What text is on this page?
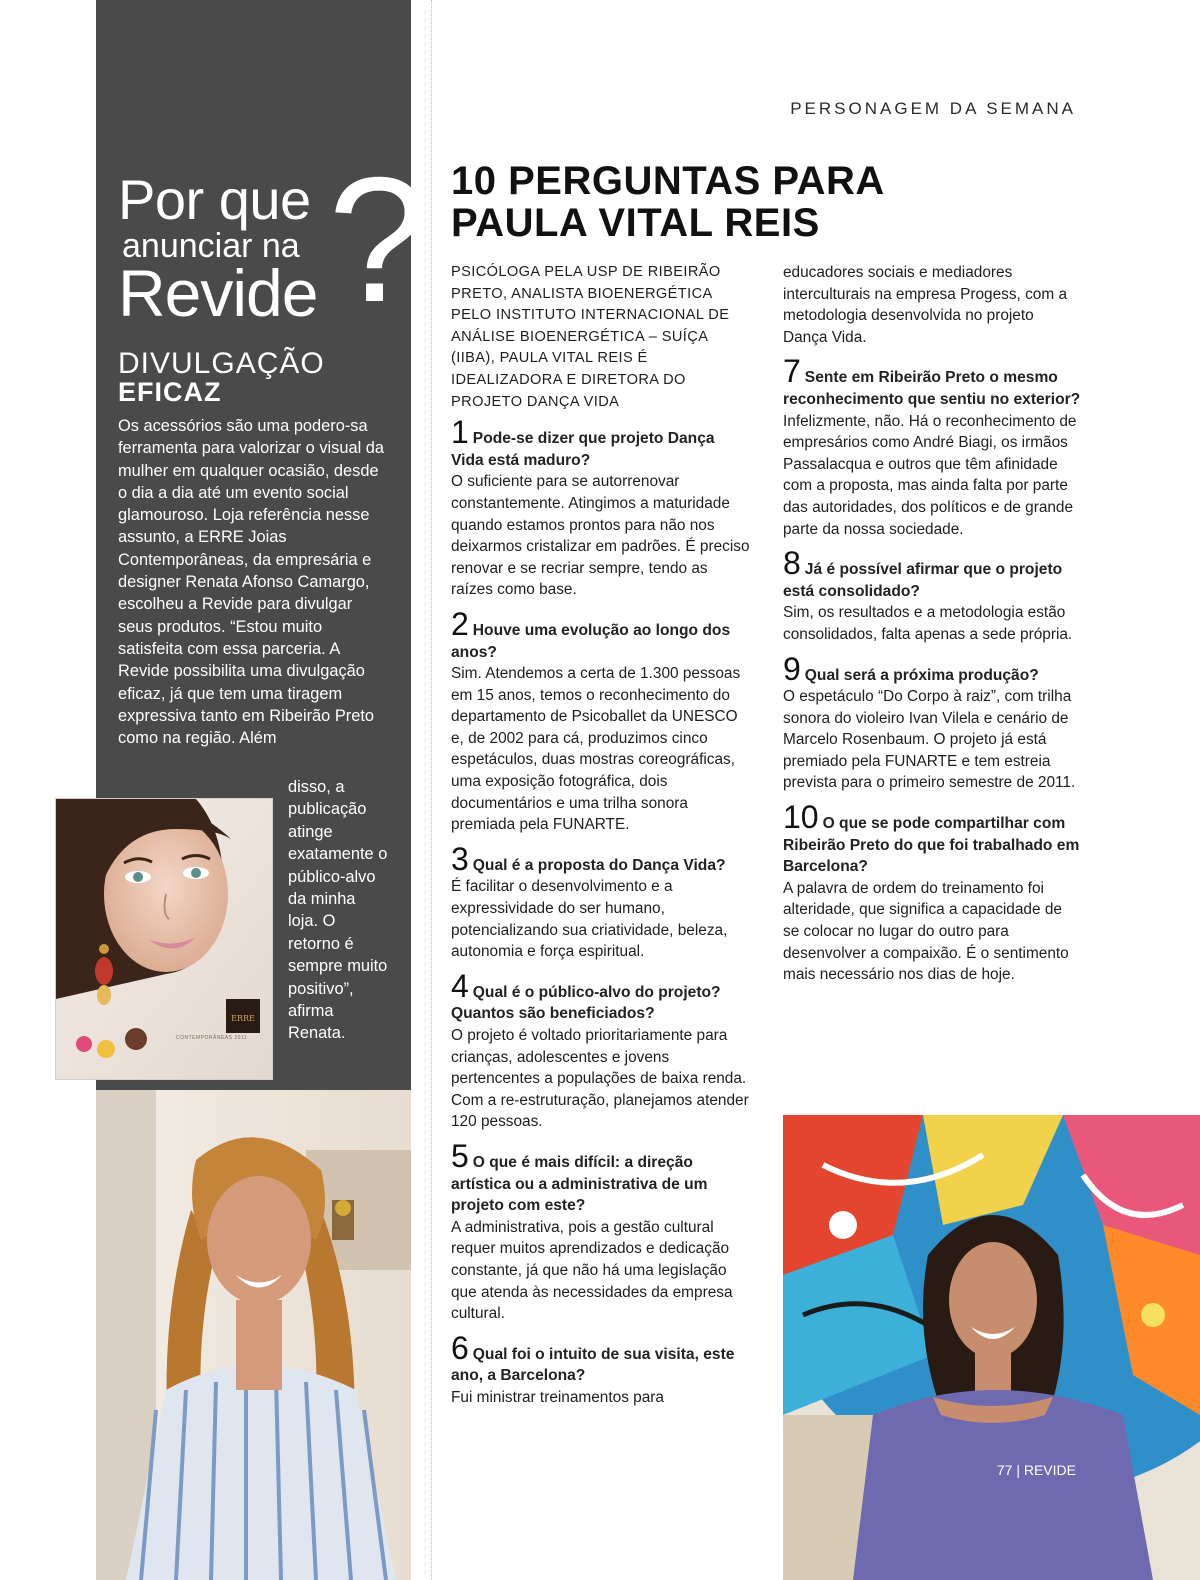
Por que
anunciar na
Revide ?
DIVULGAÇÃO
EFICAZ

Os acessórios são uma podero-sa ferramenta para valorizar o visual da mulher em qualquer ocasião, desde o dia a dia até um evento social glamouroso. Loja referência nesse assunto, a ERRE Joias Contemporâneas, da empresária e designer Renata Afonso Camargo, escolheu a Revide para divulgar seus produtos. “Estou muito satisfeita com essa parceria. A Revide possibilita uma divulgação eficaz, já que tem uma tiragem expressiva tanto em Ribeirão Preto como na região. Além

disso, a publicação atinge exatamente o público-alvo da minha loja. O retorno é sempre muito positivo”, afirma Renata.

ERRE
CONTEMPORÂNEAS 2011
PERSONAGEM DA SEMANA
10 PERGUNTAS PARA
PAULA VITAL REIS

PSICÓLOGA PELA USP DE RIBEIRÃO PRETO, ANALISTA BIOENERGÉTICA PELO INSTITUTO INTERNACIONAL DE ANÁLISE BIOENERGÉTICA – SUÍÇA (IIBA), PAULA VITAL REIS É IDEALIZADORA E DIRETORA DO PROJETO DANÇA VIDA

1 Pode-se dizer que projeto Dança Vida está maduro?

O suficiente para se autorrenovar constantemente. Atingimos a maturidade quando estamos prontos para não nos deixarmos cristalizar em padrões. É preciso renovar e se recriar sempre, tendo as raízes como base.

2 Houve uma evolução ao longo dos anos?

Sim. Atendemos a certa de 1.300 pessoas em 15 anos, temos o reconhecimento do departamento de Psicoballet da UNESCO e, de 2002 para cá, produzimos cinco espetáculos, duas mostras coreográficas, uma exposição fotográfica, dois documentários e uma trilha sonora premiada pela FUNARTE.

3 Qual é a proposta do Dança Vida?

É facilitar o desenvolvimento e a expressividade do ser humano, potencializando sua criatividade, beleza, autonomia e força espiritual.

4 Qual é o público-alvo do projeto? Quantos são beneficiados?

O projeto é voltado prioritariamente para crianças, adolescentes e jovens pertencentes a populações de baixa renda. Com a re-estruturação, planejamos atender 120 pessoas.

5 O que é mais difícil: a direção artística ou a administrativa de um projeto com este?

A administrativa, pois a gestão cultural requer muitos aprendizados e dedicação constante, já que não há uma legislação que atenda às necessidades da empresa cultural.

6 Qual foi o intuito de sua visita, este ano, a Barcelona?

Fui ministrar treinamentos para

educadores sociais e mediadores interculturais na empresa Progess, com a metodologia desenvolvida no projeto Dança Vida.

7 Sente em Ribeirão Preto o mesmo reconhecimento que sentiu no exterior?

Infelizmente, não. Há o reconhecimento de empresários como André Biagi, os irmãos Passalacqua e outros que têm afinidade com a proposta, mas ainda falta por parte das autoridades, dos políticos e de grande parte da nossa sociedade.

8 Já é possível afirmar que o projeto está consolidado?

Sim, os resultados e a metodologia estão consolidados, falta apenas a sede própria.

9 Qual será a próxima produção?

O espetáculo “Do Corpo à raiz”, com trilha sonora do violeiro Ivan Vilela e cenário de Marcelo Rosenbaum. O projeto já está premiado pela FUNARTE e tem estreia prevista para o primeiro semestre de 2011.

10 O que se pode compartilhar com Ribeirão Preto do que foi trabalhado em Barcelona?

A palavra de ordem do treinamento foi alteridade, que significa a capacidade de se colocar no lugar do outro para desenvolver a compaixão. É o sentimento mais necessário nos dias de hoje.

77 | REVIDE
